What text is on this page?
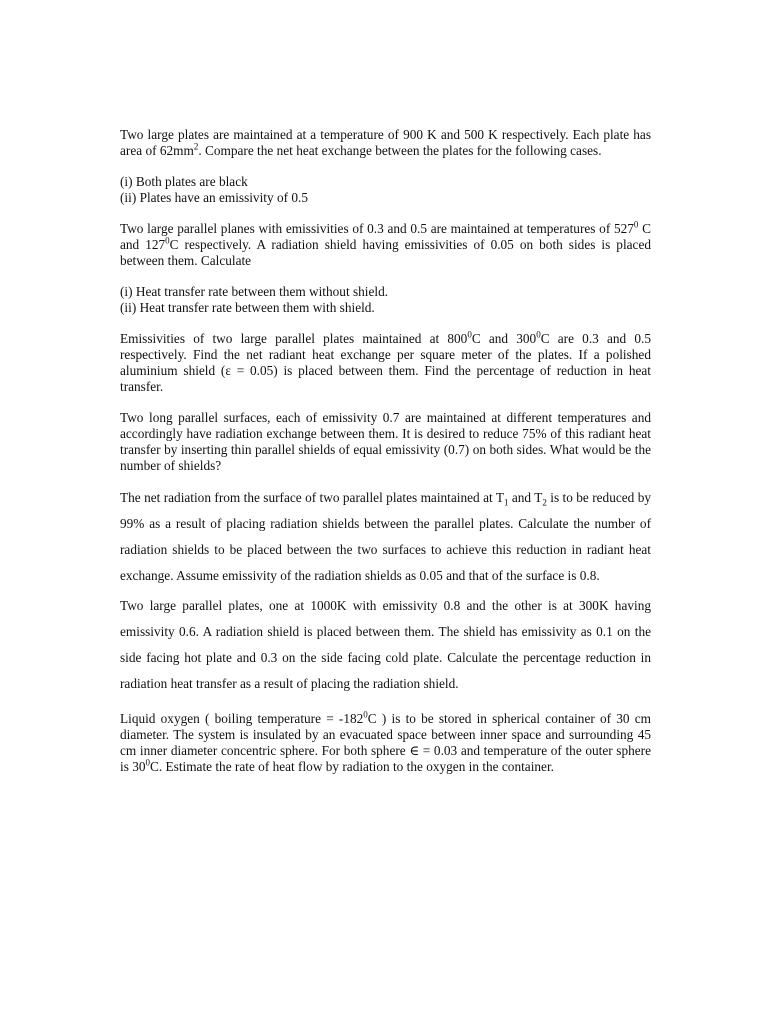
Two large plates are maintained at a temperature of 900 K and 500 K respectively. Each plate has area of $62mm^2$. Compare the net heat exchange between the plates for the following cases.

(i) Both plates are black

(ii) Plates have an emissivity of 0.5

Two large parallel planes with emissivities of 0.3 and 0.5 are maintained at temperatures of $527^0$ C and $127^0C$ respectively. A radiation shield having emissivities of 0.05 on both sides is placed between them. Calculate

(i) Heat transfer rate between them without shield.

(ii) Heat transfer rate between them with shield.

Emissivities of two large parallel plates maintained at $800^0C$ and $300^0C$ are 0.3 and 0.5 respectively. Find the net radiant heat exchange per square meter of the plates. If a polished aluminium shield (ε = 0.05) is placed between them. Find the percentage of reduction in heat transfer.

Two long parallel surfaces, each of emissivity 0.7 are maintained at different temperatures and accordingly have radiation exchange between them. It is desired to reduce 75% of this radiant heat transfer by inserting thin parallel shields of equal emissivity (0.7) on both sides. What would be the number of shields?

The net radiation from the surface of two parallel plates maintained at $T_1$ and $T_2$ is to be reduced by 99% as a result of placing radiation shields between the parallel plates. Calculate the number of radiation shields to be placed between the two surfaces to achieve this reduction in radiant heat exchange. Assume emissivity of the radiation shields as 0.05 and that of the surface is 0.8.

Two large parallel plates, one at 1000K with emissivity 0.8 and the other is at 300K having emissivity 0.6. A radiation shield is placed between them. The shield has emissivity as 0.1 on the side facing hot plate and 0.3 on the side facing cold plate. Calculate the percentage reduction in radiation heat transfer as a result of placing the radiation shield.

Liquid oxygen ( boiling temperature = $-182^0C$ ) is to be stored in spherical container of 30 cm diameter. The system is insulated by an evacuated space between inner space and surrounding 45 cm inner diameter concentric sphere. For both sphere ∈ = 0.03 and temperature of the outer sphere is $30^0C$. Estimate the rate of heat flow by radiation to the oxygen in the container.
